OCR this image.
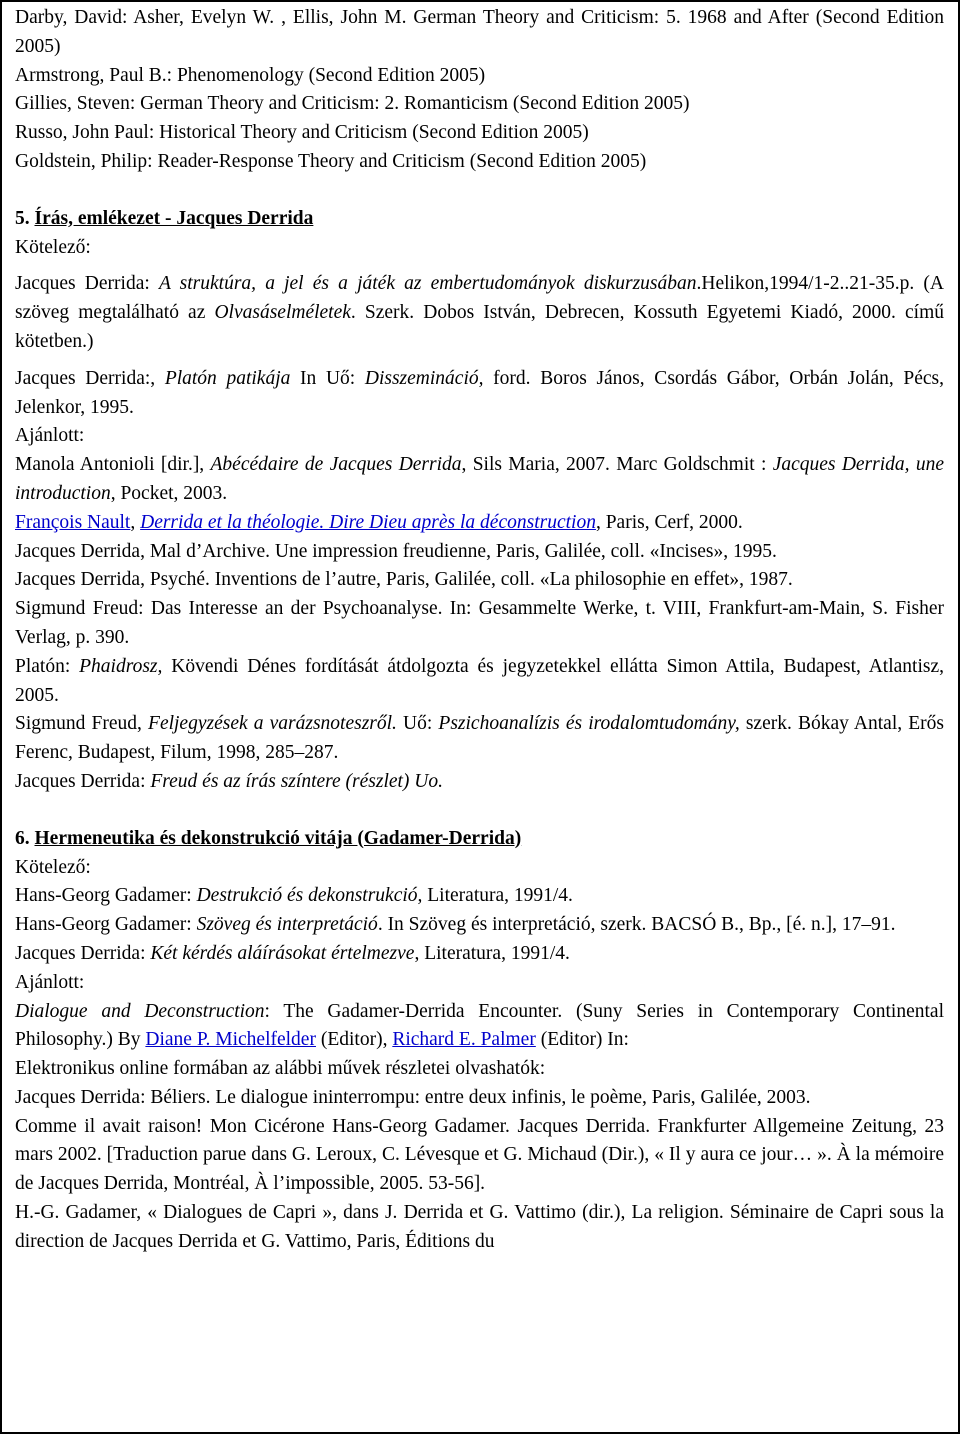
Darby, David: Asher, Evelyn W. , Ellis, John M. German Theory and Criticism: 5. 1968 and After (Second Edition 2005)

Armstrong, Paul B.: Phenomenology (Second Edition 2005)

Gillies, Steven: German Theory and Criticism: 2. Romanticism (Second Edition 2005)

Russo, John Paul: Historical Theory and Criticism (Second Edition 2005)

Goldstein, Philip: Reader-Response Theory and Criticism (Second Edition 2005)

5. Írás, emlékezet - Jacques Derrida

Kötelező:

Jacques Derrida: A struktúra, a jel és a játék az embertudományok diskurzusában.Helikon,1994/1-2..21-35.p. (A szöveg megtalálható az Olvasáselméletek. Szerk. Dobos István, Debrecen, Kossuth Egyetemi Kiadó, 2000. című kötetben.)

Jacques Derrida:, Platón patikája In Uő: Disszemináció, ford. Boros János, Csordás Gábor, Orbán Jolán, Pécs, Jelenkor, 1995.

Ajánlott:

Manola Antonioli [dir.], Abécédaire de Jacques Derrida, Sils Maria, 2007. Marc Goldschmit : Jacques Derrida, une introduction, Pocket, 2003.

François Nault, Derrida et la théologie. Dire Dieu après la déconstruction, Paris, Cerf, 2000.

Jacques Derrida, Mal d’Archive. Une impression freudienne, Paris, Galilée, coll. «Incises», 1995.

Jacques Derrida, Psyché. Inventions de l’autre, Paris, Galilée, coll. «La philosophie en effet», 1987.

Sigmund Freud: Das Interesse an der Psychoanalyse. In: Gesammelte Werke, t. VIII, Frankfurt-am-Main, S. Fisher Verlag, p. 390.

Platón: Phaidrosz, Kövendi Dénes fordítását átdolgozta és jegyzetekkel ellátta Simon Attila, Budapest, Atlantisz, 2005.

Sigmund Freud, Feljegyzések a varázsnoteszről. Uő: Pszichoanalízis és irodalomtudomány, szerk. Bókay Antal, Erős Ferenc, Budapest, Filum, 1998, 285–287.

Jacques Derrida: Freud és az írás színtere (részlet) Uo.

6. Hermeneutika és dekonstrukció vitája (Gadamer-Derrida)

Kötelező:

Hans-Georg Gadamer: Destrukció és dekonstrukció, Literatura, 1991/4.

Hans-Georg Gadamer: Szöveg és interpretáció. In Szöveg és interpretáció, szerk. BACSÓ B., Bp., [é. n.], 17–91.

Jacques Derrida: Két kérdés aláírásokat értelmezve, Literatura, 1991/4.

Ajánlott:

Dialogue and Deconstruction: The Gadamer-Derrida Encounter. (Suny Series in Contemporary Continental Philosophy.) By Diane P. Michelfelder (Editor), Richard E. Palmer (Editor) In:

Elektronikus online formában az alábbi művek részletei olvashatók:

Jacques Derrida: Béliers. Le dialogue ininterrompu: entre deux infinis, le poème, Paris, Galilée, 2003.

Comme il avait raison! Mon Cicérone Hans-Georg Gadamer. Jacques Derrida. Frankfurter Allgemeine Zeitung, 23 mars 2002. [Traduction parue dans G. Leroux, C. Lévesque et G. Michaud (Dir.), « Il y aura ce jour… ». À la mémoire de Jacques Derrida, Montréal, À l’impossible, 2005. 53-56].

H.-G. Gadamer, « Dialogues de Capri », dans J. Derrida et G. Vattimo (dir.), La religion. Séminaire de Capri sous la direction de Jacques Derrida et G. Vattimo, Paris, Éditions du
